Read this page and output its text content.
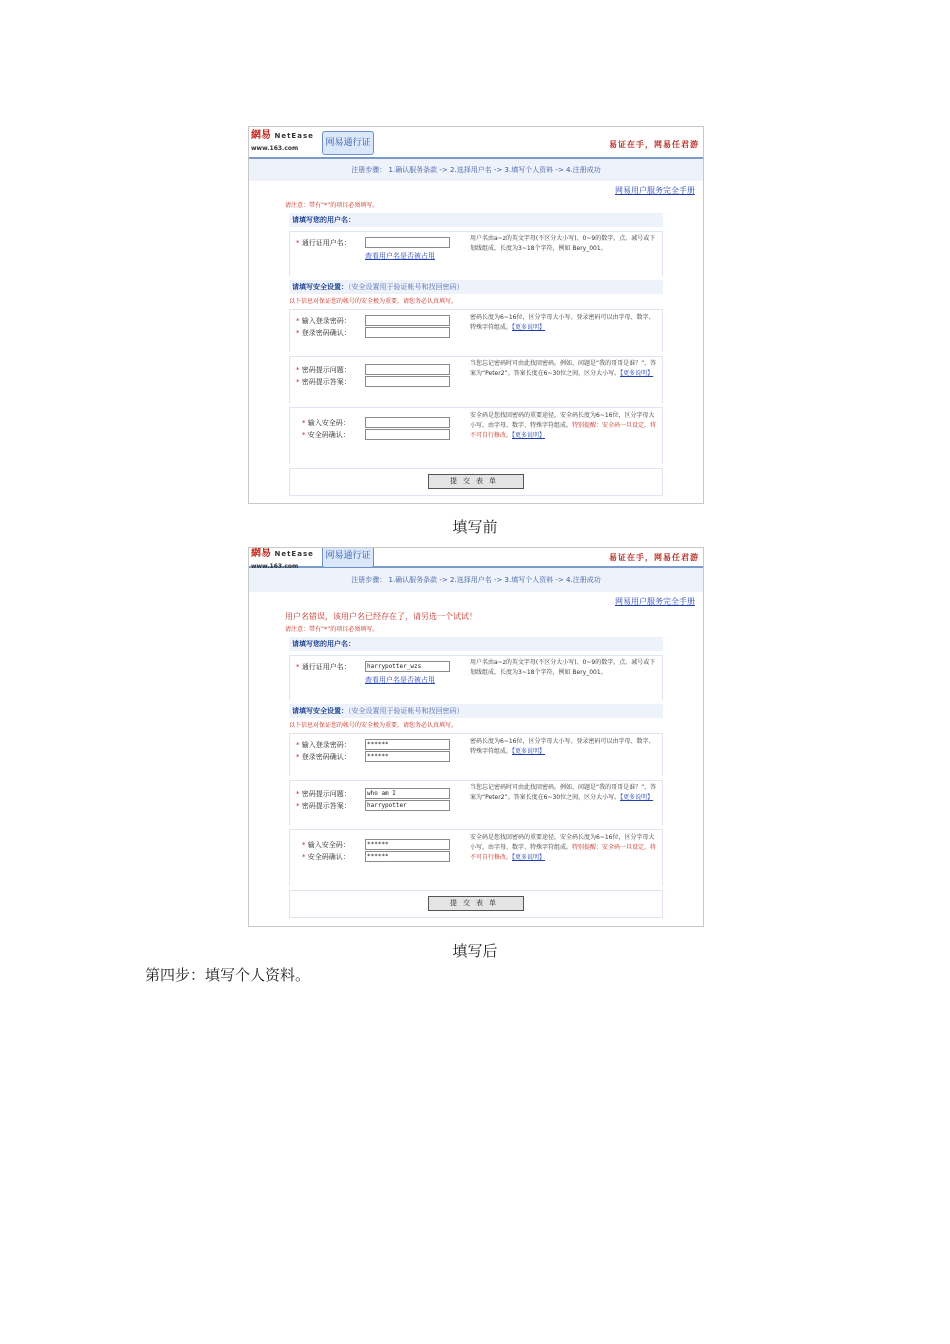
網易 NetEase
www.163.com
网易通行证	易证在手，网易任君游
注册步骤： 1.确认服务条款 -> 2.选择用户名 -> 3.填写个人资料 -> 4.注册成功
网易用户服务完全手册
请注意：带有“*”的项目必须填写。
请填写您的用户名：
* 通行证用户名：
查看用户名是否被占用
用户名由a~z的英文字母(不区分大小写)、0~9的数字、点、减号或下划线组成，长度为3~18个字符，例如 Bery_001。
请填写安全设置：（安全设置用于验证帐号和找回密码）
以下信息对保证您的帐号的安全极为重要，请您务必认真填写。
* 输入登录密码：
* 登录密码确认：
密码长度为6~16位，区分字母大小写。登录密码可以由字母、数字、特殊字符组成。【更多说明】
* 密码提示问题：
* 密码提示答案：
当您忘记密码时可由此找回密码。例如，问题是“我的哥哥是谁？”，答案为“Peter2”。答案长度在6~30位之间，区分大小写。【更多说明】
* 输入安全码：
* 安全码确认：
安全码是您找回密码的重要途径，安全码长度为6~16位，区分字母大小写，由字母、数字、特殊字符组成。特别提醒：安全码一旦设定，将不可自行修改。【更多说明】
提交表单
填写前
網易 NetEase
www.163.com
网易通行证	易证在手，网易任君游
注册步骤： 1.确认服务条款 -> 2.选择用户名 -> 3.填写个人资料 -> 4.注册成功
网易用户服务完全手册
用户名错误，该用户名已经存在了，请另选一个试试！
请注意：带有“*”的项目必须填写。
请填写您的用户名：
* 通行证用户名：	harrypotter_wzs
查看用户名是否被占用
用户名由a~z的英文字母(不区分大小写)、0~9的数字、点、减号或下划线组成，长度为3~18个字符，例如 Bery_001。
请填写安全设置：（安全设置用于验证帐号和找回密码）
以下信息对保证您的帐号的安全极为重要，请您务必认真填写。
* 输入登录密码：	******
* 登录密码确认：	******
密码长度为6~16位，区分字母大小写。登录密码可以由字母、数字、特殊字符组成。【更多说明】
* 密码提示问题：	who am I
* 密码提示答案：	harrypotter
当您忘记密码时可由此找回密码。例如，问题是“我的哥哥是谁？”，答案为“Peter2”。答案长度在6~30位之间，区分大小写。【更多说明】
* 输入安全码：	******
* 安全码确认：	******
安全码是您找回密码的重要途径，安全码长度为6~16位，区分字母大小写，由字母、数字、特殊字符组成。特别提醒：安全码一旦设定，将不可自行修改。【更多说明】
提交表单
填写后
第四步：填写个人资料。
